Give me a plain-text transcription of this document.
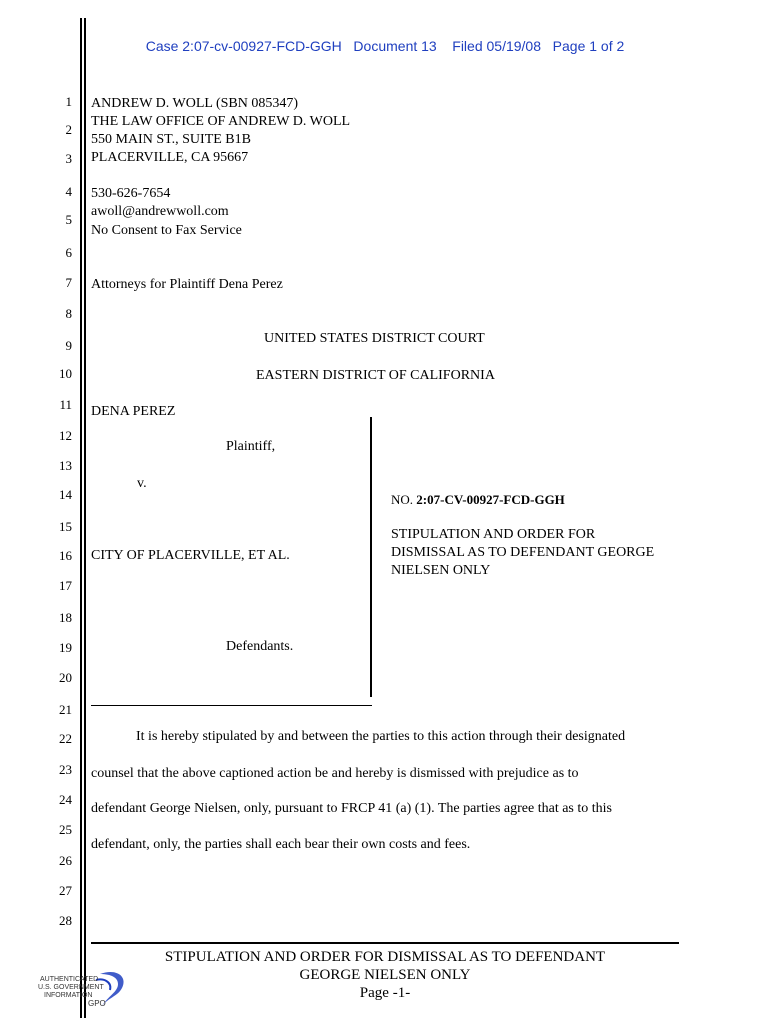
Case 2:07-cv-00927-FCD-GGH   Document 13    Filed 05/19/08   Page 1 of 2
1
2
3
4
5
6
7
8
9
10
11
12
13
14
15
16
17
18
19
20
21
22
23
24
25
26
27
28
ANDREW D. WOLL (SBN 085347)
THE LAW OFFICE OF ANDREW D. WOLL
550 MAIN ST., SUITE B1B
PLACERVILLE, CA 95667
530-626-7654
awoll@andrewwoll.com
No Consent to Fax Service
Attorneys for Plaintiff Dena Perez
UNITED STATES DISTRICT COURT
EASTERN DISTRICT OF CALIFORNIA
DENA PEREZ
Plaintiff,
v.
CITY OF PLACERVILLE, ET AL.
Defendants.
NO. 2:07-CV-00927-FCD-GGH
STIPULATION AND ORDER FOR
DISMISSAL AS TO DEFENDANT GEORGE
NIELSEN ONLY
It is hereby stipulated by and between the parties to this action through their designated
counsel that the above captioned action be and hereby is dismissed with prejudice as to
defendant George Nielsen, only, pursuant to FRCP 41 (a) (1). The parties agree that as to this
defendant, only, the parties shall each bear their own costs and fees.
STIPULATION AND ORDER FOR DISMISSAL AS TO DEFENDANT
GEORGE NIELSEN ONLY
Page -1-
AUTHENTICATED
U.S. GOVERNMENT
INFORMATION
GPO
